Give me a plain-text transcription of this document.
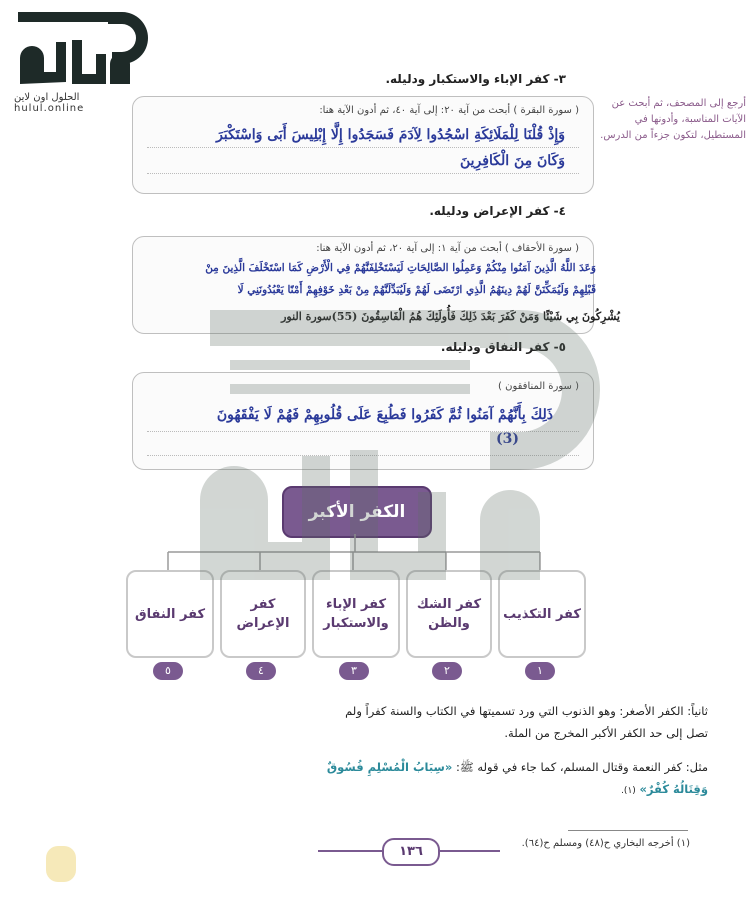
الحلول اون لاين hulul.online	أرجع إلى المصحف، ثم أبحث عن الآيات المناسبة، وأدونها في المستطيل، لتكون جزءاً من الدرس.
٣- كفر الإباء والاستكبار ودليله.
( سورة البقرة ) أبحث من آية ٢٠: إلى آية ٤٠، ثم أدون الآية هنا:
وَإِذْ قُلْنَا لِلْمَلَائِكَةِ اسْجُدُوا لِآدَمَ فَسَجَدُوا إِلَّا إِبْلِيسَ أَبَى وَاسْتَكْبَرَ
وَكَانَ مِنَ الْكَافِرِينَ
٤- كفر الإعراض ودليله.
( سورة الأحقاف ) أبحث من آية ١: إلى آية ٢٠، ثم أدون الآية هنا:
وَعَدَ اللَّهُ الَّذِينَ آمَنُوا مِنْكُمْ وَعَمِلُوا الصَّالِحَاتِ لَيَسْتَخْلِفَنَّهُمْ فِي الْأَرْضِ كَمَا اسْتَخْلَفَ الَّذِينَ مِنْ
قَبْلِهِمْ وَلَيُمَكِّنَنَّ لَهُمْ دِينَهُمُ الَّذِي ارْتَضَى لَهُمْ وَلَيُبَدِّلَنَّهُمْ مِنْ بَعْدِ خَوْفِهِمْ أَمْنًا يَعْبُدُونَنِي لَا
يُشْرِكُونَ بِي شَيْئًا وَمَنْ كَفَرَ بَعْدَ ذَلِكَ فَأُولَئِكَ هُمُ الْفَاسِقُونَ (55)سورة النور
٥- كفر النفاق ودليله.
( سورة المنافقون )
ذَلِكَ بِأَنَّهُمْ آمَنُوا ثُمَّ كَفَرُوا فَطُبِعَ عَلَى قُلُوبِهِمْ فَهُمْ لَا يَفْقَهُونَ
(3)
الكفر الأكبر
كفر التكذيب
كفر الشك والظن
كفر الإباء والاستكبار
كفر الإعراض
كفر النفاق
١
٢
٣
٤
٥
ثانياً: الكفر الأصغر: وهو الذنوب التي ورد تسميتها في الكتاب والسنة كفراً ولم
تصل إلى حد الكفر الأكبر المخرج من الملة.
مثل: كفر النعمة وقتال المسلم، كما جاء في قوله ﷺ: «سِبَابُ الْمُسْلِمِ فُسُوقٌ
وَقِتَالُهُ كُفْرٌ» (١).
(١) أخرجه البخاري ح(٤٨) ومسلم ح(٦٤).
١٣٦
